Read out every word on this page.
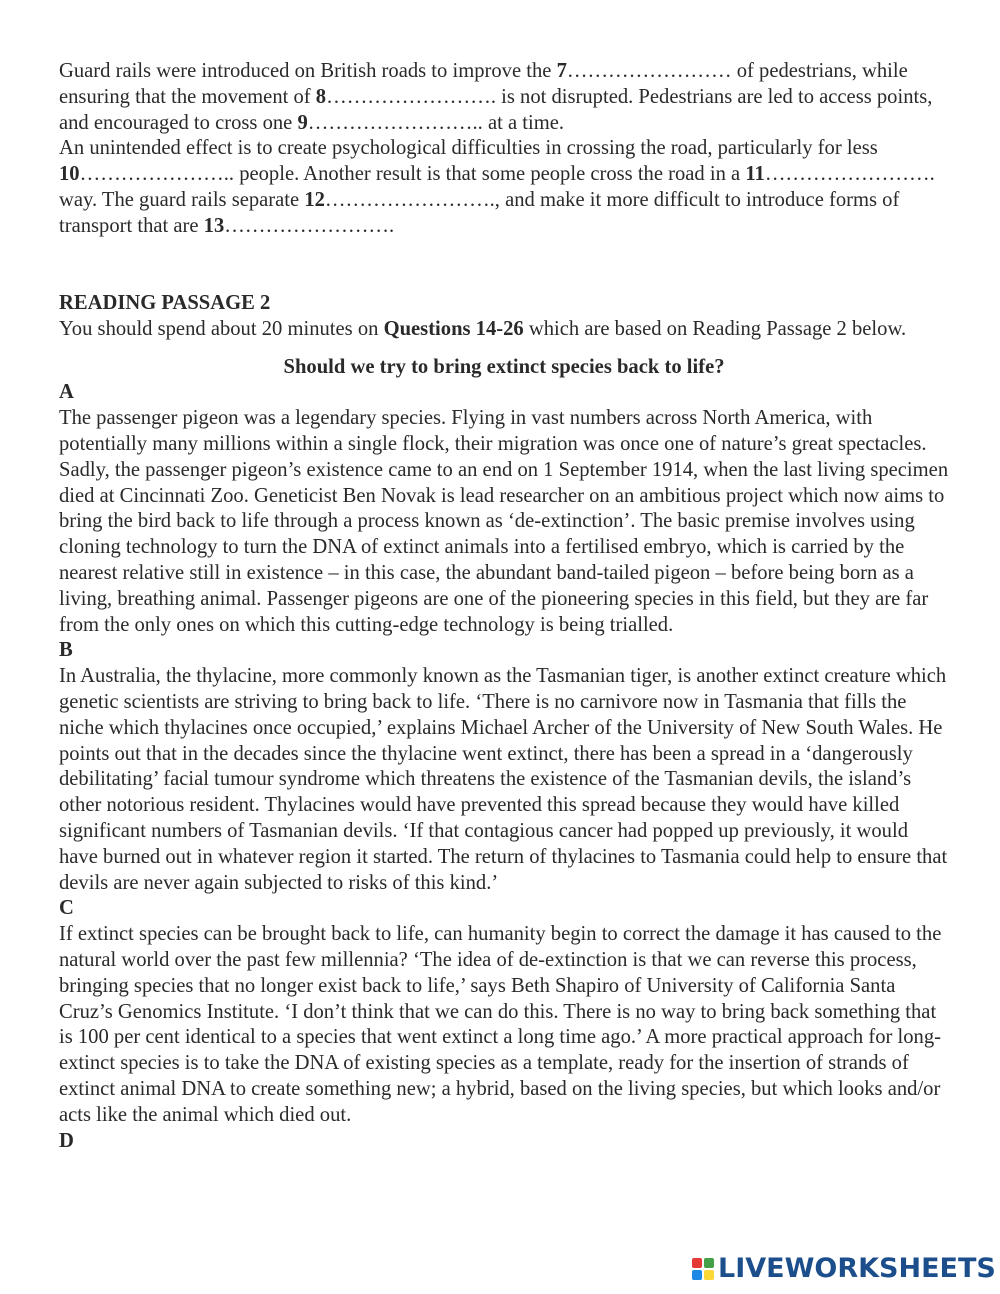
Guard rails were introduced on British roads to improve the 7…………………… of pedestrians, while ensuring that the movement of 8……………………. is not disrupted. Pedestrians are led to access points, and encouraged to cross one 9…………………….. at a time.

An unintended effect is to create psychological difficulties in crossing the road, particularly for less 10………………….. people. Another result is that some people cross the road in a 11……………………. way. The guard rails separate 12……………………., and make it more difficult to introduce forms of transport that are 13…………………….

READING PASSAGE 2

You should spend about 20 minutes on Questions 14-26 which are based on Reading Passage 2 below.

Should we try to bring extinct species back to life?

A

The passenger pigeon was a legendary species. Flying in vast numbers across North America, with potentially many millions within a single flock, their migration was once one of nature’s great spectacles. Sadly, the passenger pigeon’s existence came to an end on 1 September 1914, when the last living specimen died at Cincinnati Zoo. Geneticist Ben Novak is lead researcher on an ambitious project which now aims to bring the bird back to life through a process known as ‘de-extinction’. The basic premise involves using cloning technology to turn the DNA of extinct animals into a fertilised embryo, which is carried by the nearest relative still in existence – in this case, the abundant band-tailed pigeon – before being born as a living, breathing animal. Passenger pigeons are one of the pioneering species in this field, but they are far from the only ones on which this cutting-edge technology is being trialled.

B

In Australia, the thylacine, more commonly known as the Tasmanian tiger, is another extinct creature which genetic scientists are striving to bring back to life. ‘There is no carnivore now in Tasmania that fills the niche which thylacines once occupied,’ explains Michael Archer of the University of New South Wales. He points out that in the decades since the thylacine went extinct, there has been a spread in a ‘dangerously debilitating’ facial tumour syndrome which threatens the existence of the Tasmanian devils, the island’s other notorious resident. Thylacines would have prevented this spread because they would have killed significant numbers of Tasmanian devils. ‘If that contagious cancer had popped up previously, it would have burned out in whatever region it started. The return of thylacines to Tasmania could help to ensure that devils are never again subjected to risks of this kind.’

C

If extinct species can be brought back to life, can humanity begin to correct the damage it has caused to the natural world over the past few millennia? ‘The idea of de-extinction is that we can reverse this process, bringing species that no longer exist back to life,’ says Beth Shapiro of University of California Santa Cruz’s Genomics Institute. ‘I don’t think that we can do this. There is no way to bring back something that is 100 per cent identical to a species that went extinct a long time ago.’ A more practical approach for long-extinct species is to take the DNA of existing species as a template, ready for the insertion of strands of extinct animal DNA to create something new; a hybrid, based on the living species, but which looks and/or acts like the animal which died out.

D

LIVEWORKSHEETS
